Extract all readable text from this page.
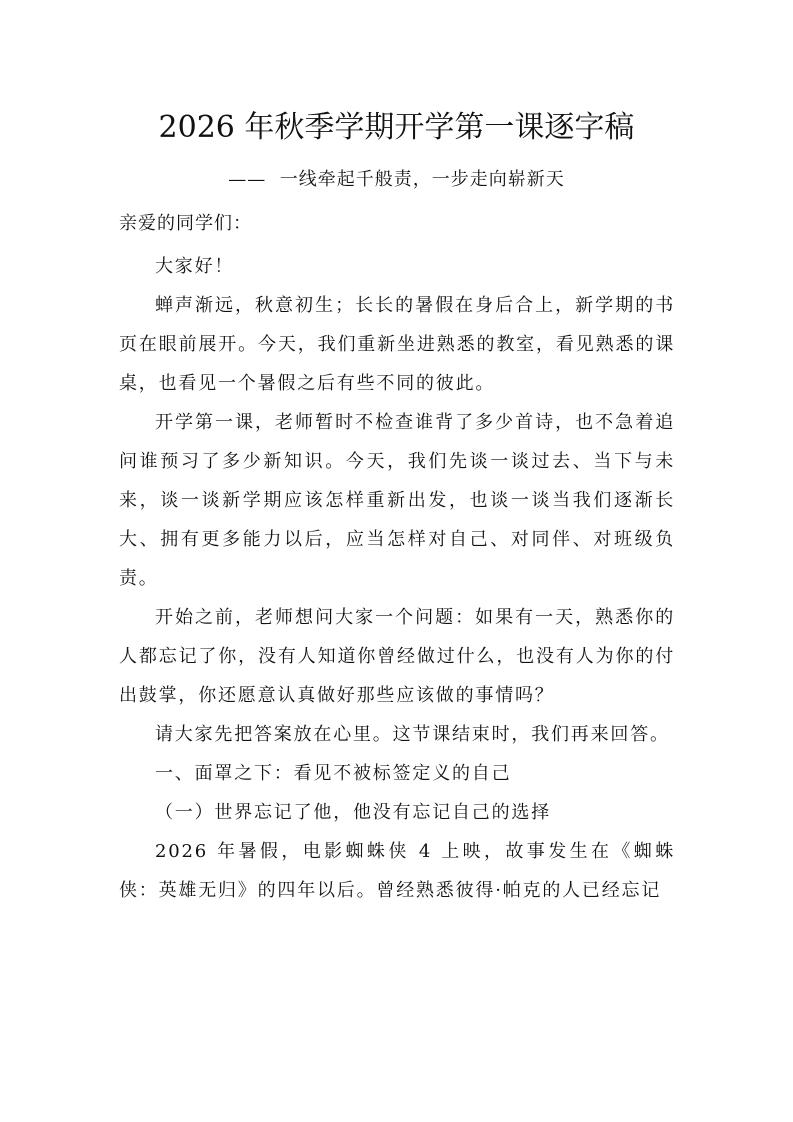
2026 年秋季学期开学第一课逐字稿
——  一线牵起千般责，一步走向崭新天
亲爱的同学们：

大家好！

蝉声渐远，秋意初生；长长的暑假在身后合上，新学期的书页在眼前展开。今天，我们重新坐进熟悉的教室，看见熟悉的课桌，也看见一个暑假之后有些不同的彼此。

开学第一课，老师暂时不检查谁背了多少首诗，也不急着追问谁预习了多少新知识。今天，我们先谈一谈过去、当下与未来，谈一谈新学期应该怎样重新出发，也谈一谈当我们逐渐长大、拥有更多能力以后，应当怎样对自己、对同伴、对班级负责。

开始之前，老师想问大家一个问题：如果有一天，熟悉你的人都忘记了你，没有人知道你曾经做过什么，也没有人为你的付出鼓掌，你还愿意认真做好那些应该做的事情吗？

请大家先把答案放在心里。这节课结束时，我们再来回答。

一、面罩之下：看见不被标签定义的自己

（一）世界忘记了他，他没有忘记自己的选择

2026 年暑假，电影蜘蛛侠 4 上映，故事发生在《蜘蛛侠：英雄无归》的四年以后。曾经熟悉彼得·帕克的人已经忘记
